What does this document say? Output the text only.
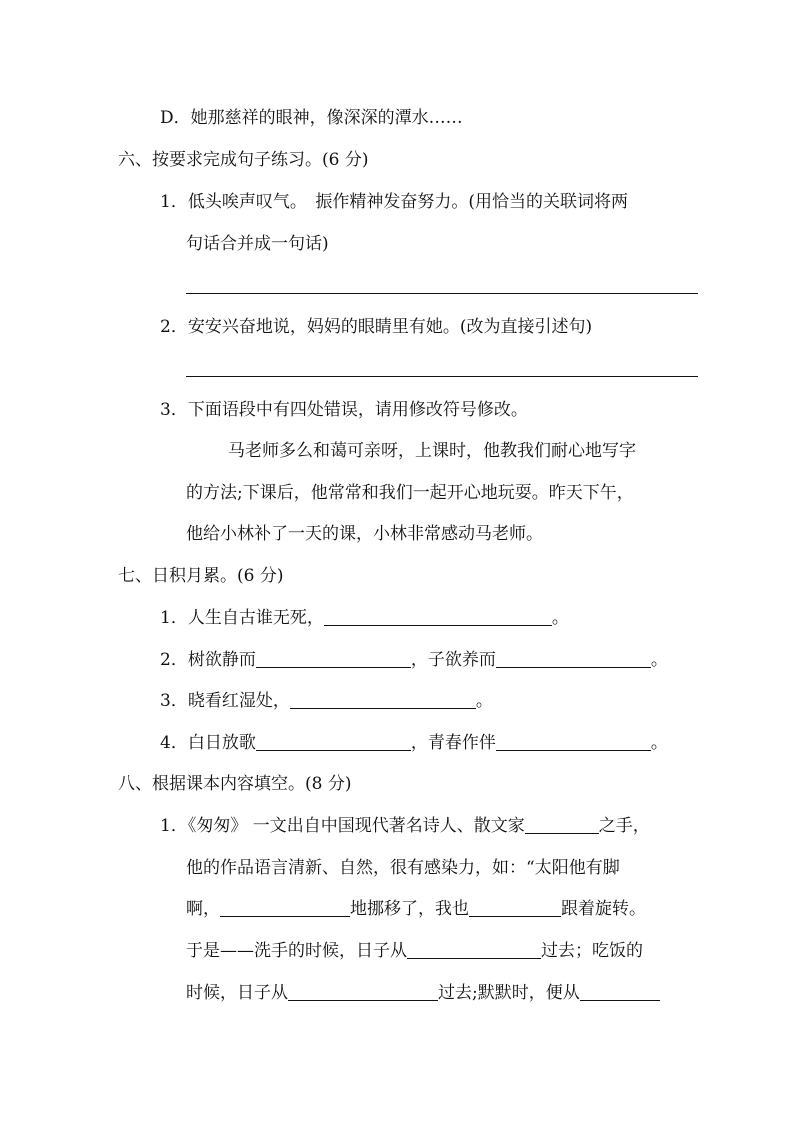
D．她那慈祥的眼神，像深深的潭水……
六、按要求完成句子练习。(6 分)
1．低头唉声叹气。　振作精神发奋努力。(用恰当的关联词将两
句话合并成一句话)
2．安安兴奋地说，妈妈的眼睛里有她。(改为直接引述句)
3．下面语段中有四处错误，请用修改符号修改。
马老师多么和蔼可亲呀，上课时，他教我们耐心地写字
的方法;下课后，他常常和我们一起开心地玩耍。昨天下午，
他给小林补了一天的课，小林非常感动马老师。
七、日积月累。(6 分)
1．人生自古谁无死，	。
2．树欲静而	，子欲养而	。
3．晓看红湿处，	。
4．白日放歌	，青春作伴	。
八、根据课本内容填空。(8 分)
1．《匆匆》 一文出自中国现代著名诗人、散文家	之手，
他的作品语言清新、自然，很有感染力，如：“太阳他有脚
啊，	地挪移了，我也	跟着旋转。
于是——洗手的时候，日子从	过去；吃饭的
时候，日子从	过去;默默时，便从
